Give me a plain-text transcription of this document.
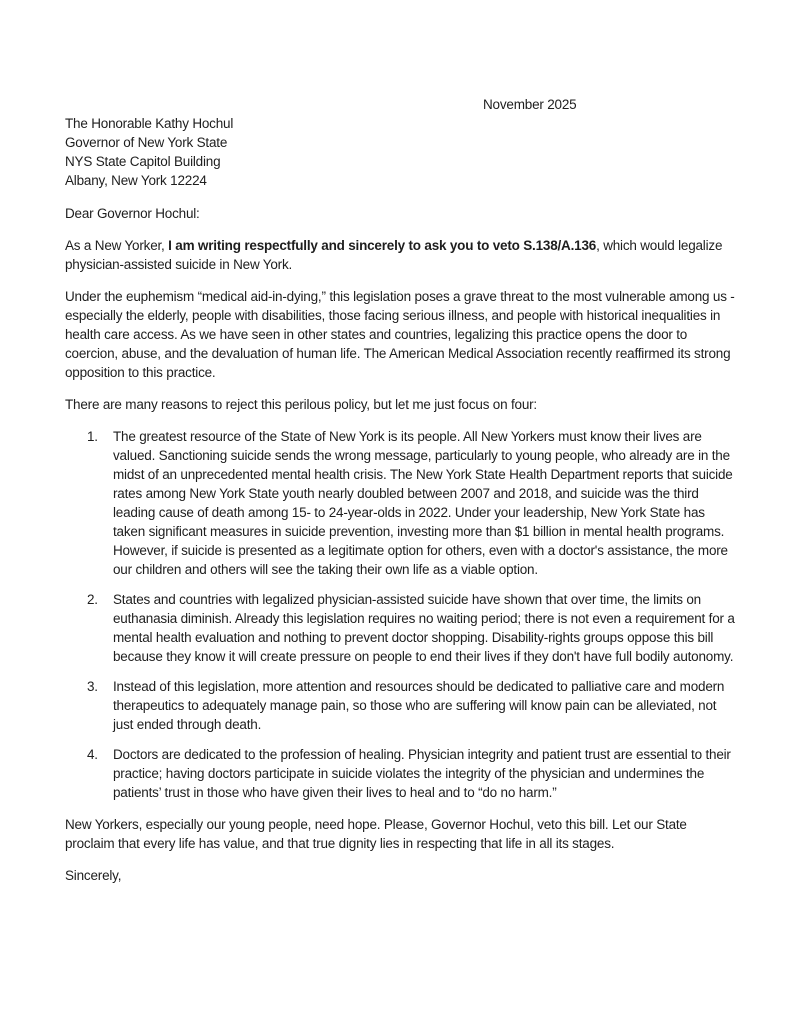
November 2025
The Honorable Kathy Hochul
Governor of New York State
NYS State Capitol Building
Albany, New York 12224

Dear Governor Hochul:

As a New Yorker, I am writing respectfully and sincerely to ask you to veto S.138/A.136, which would legalize physician-assisted suicide in New York.

Under the euphemism “medical aid-in-dying,” this legislation poses a grave threat to the most vulnerable among us - especially the elderly, people with disabilities, those facing serious illness, and people with historical inequalities in health care access. As we have seen in other states and countries, legalizing this practice opens the door to coercion, abuse, and the devaluation of human life. The American Medical Association recently reaffirmed its strong opposition to this practice.

There are many reasons to reject this perilous policy, but let me just focus on four:

1. The greatest resource of the State of New York is its people. All New Yorkers must know their lives are valued. Sanctioning suicide sends the wrong message, particularly to young people, who already are in the midst of an unprecedented mental health crisis. The New York State Health Department reports that suicide rates among New York State youth nearly doubled between 2007 and 2018, and suicide was the third leading cause of death among 15- to 24-year-olds in 2022. Under your leadership, New York State has taken significant measures in suicide prevention, investing more than $1 billion in mental health programs. However, if suicide is presented as a legitimate option for others, even with a doctor's assistance, the more our children and others will see the taking their own life as a viable option.
2. States and countries with legalized physician-assisted suicide have shown that over time, the limits on euthanasia diminish. Already this legislation requires no waiting period; there is not even a requirement for a mental health evaluation and nothing to prevent doctor shopping. Disability-rights groups oppose this bill because they know it will create pressure on people to end their lives if they don't have full bodily autonomy.
3. Instead of this legislation, more attention and resources should be dedicated to palliative care and modern therapeutics to adequately manage pain, so those who are suffering will know pain can be alleviated, not just ended through death.
4. Doctors are dedicated to the profession of healing. Physician integrity and patient trust are essential to their practice; having doctors participate in suicide violates the integrity of the physician and undermines the patients’ trust in those who have given their lives to heal and to “do no harm.”

New Yorkers, especially our young people, need hope. Please, Governor Hochul, veto this bill. Let our State proclaim that every life has value, and that true dignity lies in respecting that life in all its stages.

Sincerely,
